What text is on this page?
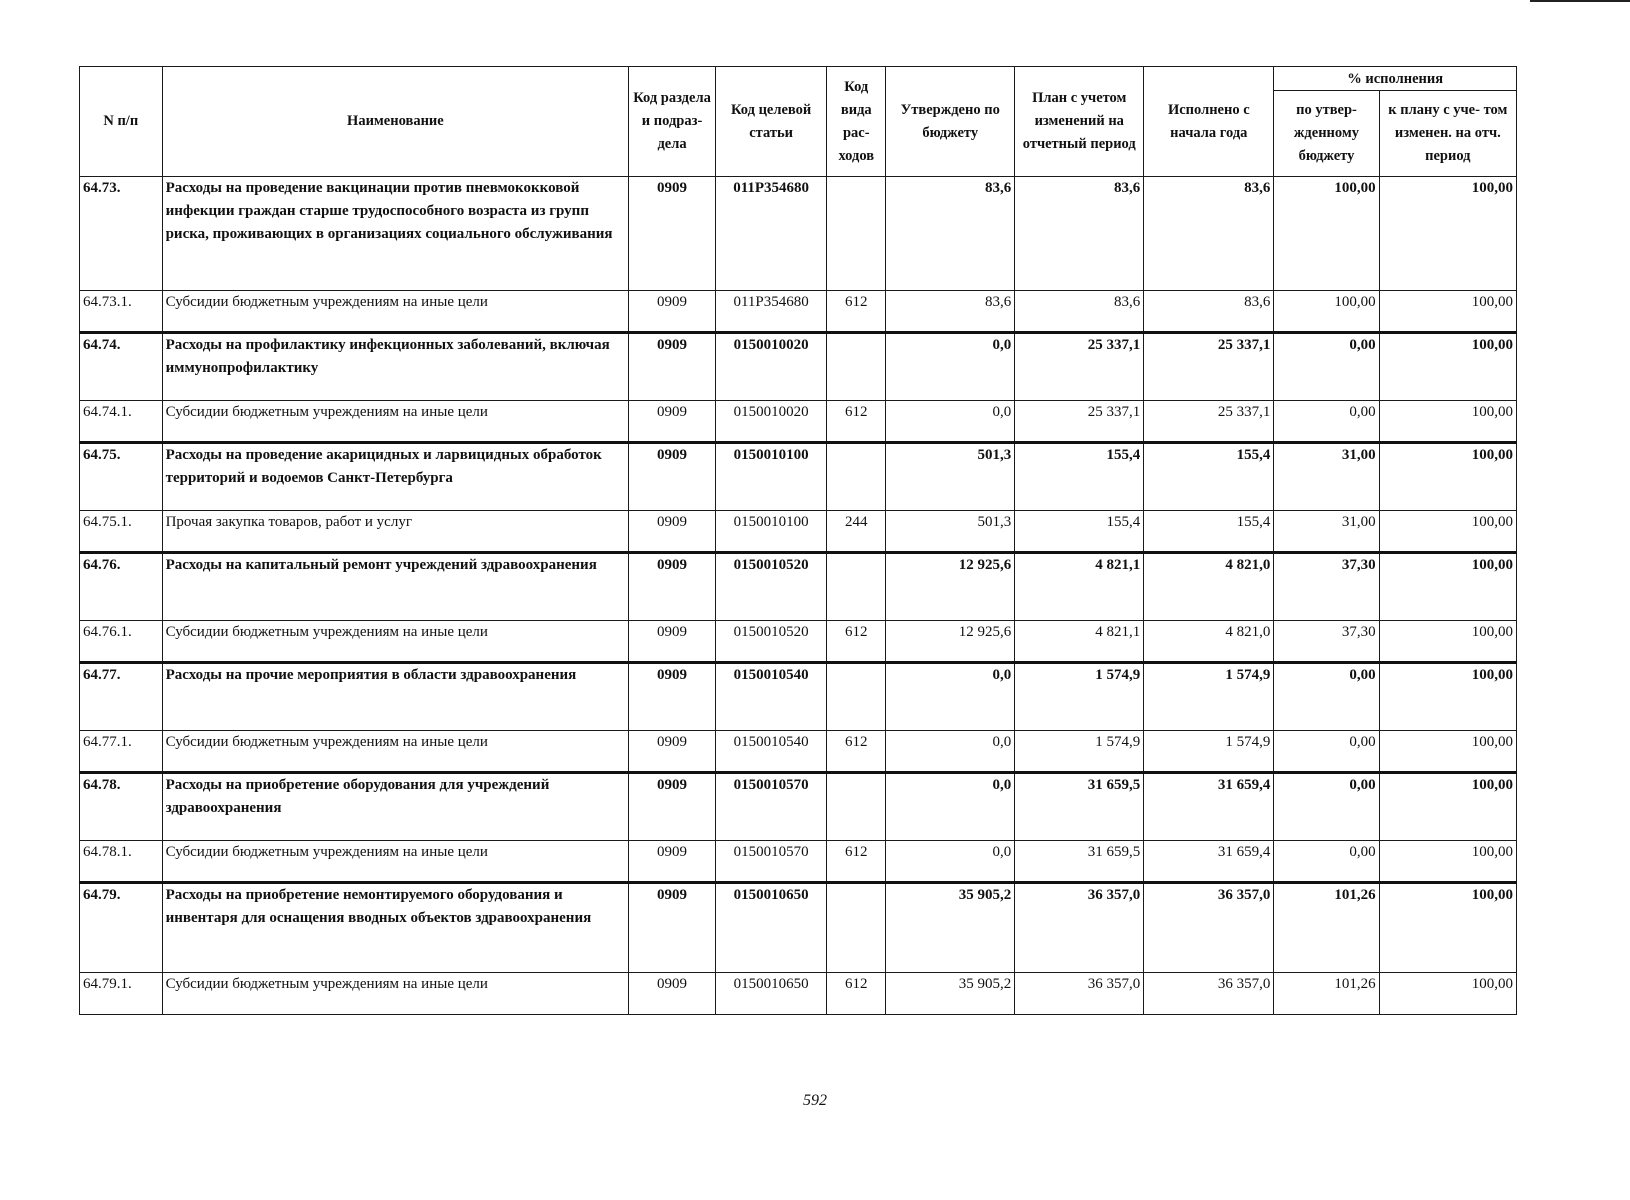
N п/п	Наименование	Код раздела и подраз- дела	Код целевой статьи	Код вида рас- ходов	Утверждено по бюджету	План с учетом изменений на отчетный период	Исполнено с начала года	% исполнения	
								по утвер- жденному бюджету	к плану с уче- том изменен. на отч. период
64.73.	Расходы на проведение вакцинации против пневмококковой инфекции граждан старше трудоспособного возраста из групп риска, проживающих в организациях социального обслуживания	0909	011P354680		83,6	83,6	83,6	100,00	100,00
64.73.1.	Субсидии бюджетным учреждениям на иные цели	0909	011P354680	612	83,6	83,6	83,6	100,00	100,00
64.74.	Расходы на профилактику инфекционных заболеваний, включая иммунопрофилактику	0909	0150010020		0,0	25 337,1	25 337,1	0,00	100,00
64.74.1.	Субсидии бюджетным учреждениям на иные цели	0909	0150010020	612	0,0	25 337,1	25 337,1	0,00	100,00
64.75.	Расходы на проведение акарицидных и ларвицидных обработок территорий и водоемов Санкт-Петербурга	0909	0150010100		501,3	155,4	155,4	31,00	100,00
64.75.1.	Прочая закупка товаров, работ и услуг	0909	0150010100	244	501,3	155,4	155,4	31,00	100,00
64.76.	Расходы на капитальный ремонт учреждений здравоохранения	0909	0150010520		12 925,6	4 821,1	4 821,0	37,30	100,00
64.76.1.	Субсидии бюджетным учреждениям на иные цели	0909	0150010520	612	12 925,6	4 821,1	4 821,0	37,30	100,00
64.77.	Расходы на прочие мероприятия в области здравоохранения	0909	0150010540		0,0	1 574,9	1 574,9	0,00	100,00
64.77.1.	Субсидии бюджетным учреждениям на иные цели	0909	0150010540	612	0,0	1 574,9	1 574,9	0,00	100,00
64.78.	Расходы на приобретение оборудования для учреждений здравоохранения	0909	0150010570		0,0	31 659,5	31 659,4	0,00	100,00
64.78.1.	Субсидии бюджетным учреждениям на иные цели	0909	0150010570	612	0,0	31 659,5	31 659,4	0,00	100,00
64.79.	Расходы на приобретение немонтируемого оборудования и инвентаря для оснащения вводных объектов здравоохранения	0909	0150010650		35 905,2	36 357,0	36 357,0	101,26	100,00
64.79.1.	Субсидии бюджетным учреждениям на иные цели	0909	0150010650	612	35 905,2	36 357,0	36 357,0	101,26	100,00
592
